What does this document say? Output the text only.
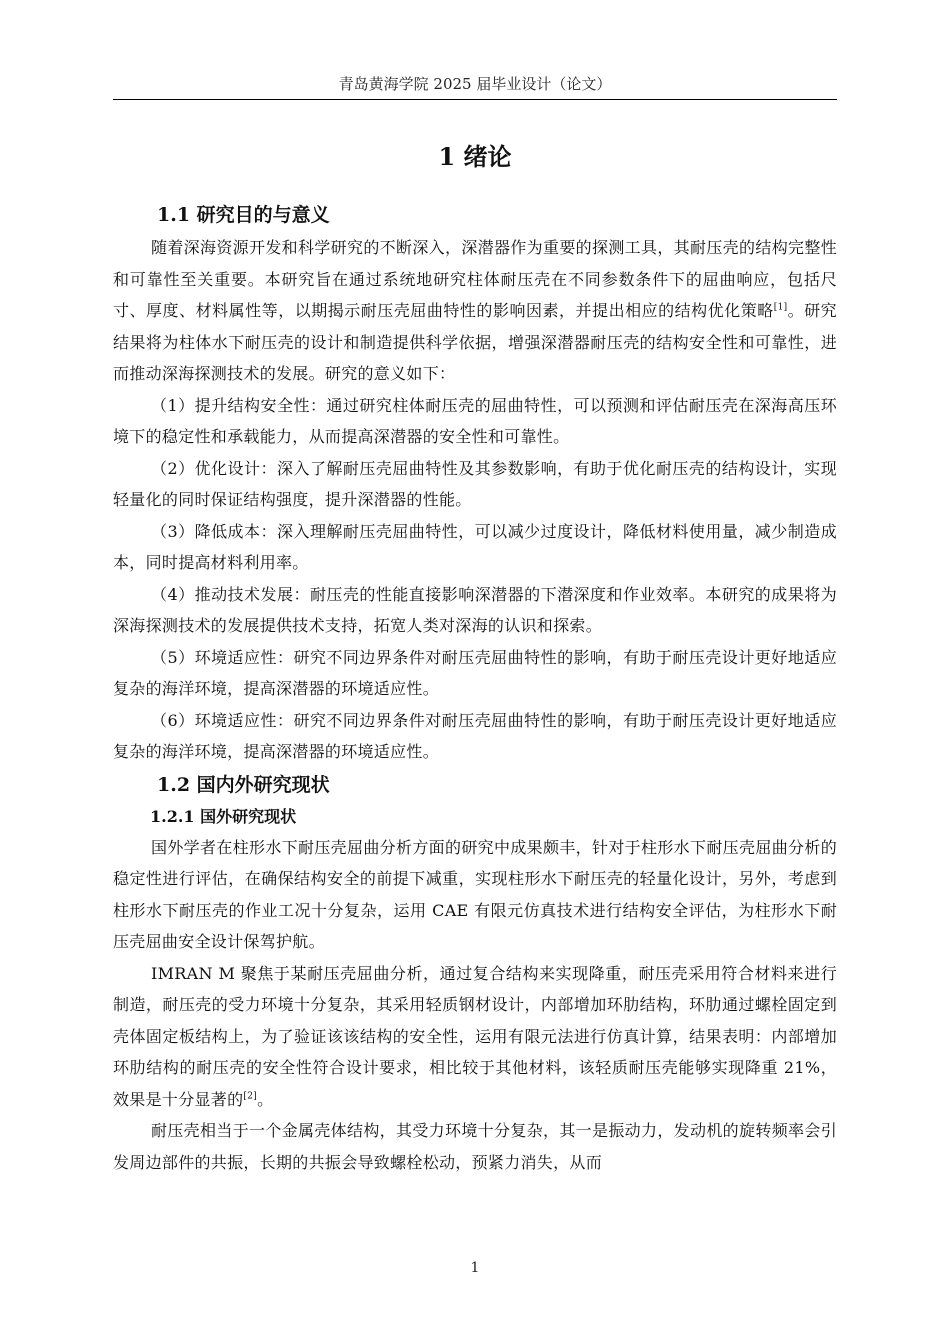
青岛黄海学院 2025 届毕业设计（论文）
1 绪论

1.1 研究目的与意义

随着深海资源开发和科学研究的不断深入，深潜器作为重要的探测工具，其耐压壳的结构完整性和可靠性至关重要。本研究旨在通过系统地研究柱体耐压壳在不同参数条件下的屈曲响应，包括尺寸、厚度、材料属性等，以期揭示耐压壳屈曲特性的影响因素，并提出相应的结构优化策略[1]。研究结果将为柱体水下耐压壳的设计和制造提供科学依据，增强深潜器耐压壳的结构安全性和可靠性，进而推动深海探测技术的发展。研究的意义如下：

（1）提升结构安全性：通过研究柱体耐压壳的屈曲特性，可以预测和评估耐压壳在深海高压环境下的稳定性和承载能力，从而提高深潜器的安全性和可靠性。

（2）优化设计：深入了解耐压壳屈曲特性及其参数影响，有助于优化耐压壳的结构设计，实现轻量化的同时保证结构强度，提升深潜器的性能。

（3）降低成本：深入理解耐压壳屈曲特性，可以减少过度设计，降低材料使用量，减少制造成本，同时提高材料利用率。

（4）推动技术发展：耐压壳的性能直接影响深潜器的下潜深度和作业效率。本研究的成果将为深海探测技术的发展提供技术支持，拓宽人类对深海的认识和探索。

（5）环境适应性：研究不同边界条件对耐压壳屈曲特性的影响，有助于耐压壳设计更好地适应复杂的海洋环境，提高深潜器的环境适应性。

（6）环境适应性：研究不同边界条件对耐压壳屈曲特性的影响，有助于耐压壳设计更好地适应复杂的海洋环境，提高深潜器的环境适应性。

1.2 国内外研究现状

1.2.1 国外研究现状

国外学者在柱形水下耐压壳屈曲分析方面的研究中成果颇丰，针对于柱形水下耐压壳屈曲分析的稳定性进行评估，在确保结构安全的前提下减重，实现柱形水下耐压壳的轻量化设计，另外，考虑到柱形水下耐压壳的作业工况十分复杂，运用 CAE 有限元仿真技术进行结构安全评估，为柱形水下耐压壳屈曲安全设计保驾护航。

IMRAN M 聚焦于某耐压壳屈曲分析，通过复合结构来实现降重，耐压壳采用符合材料来进行制造，耐压壳的受力环境十分复杂，其采用轻质钢材设计，内部增加环肋结构，环肋通过螺栓固定到壳体固定板结构上，为了验证该该结构的安全性，运用有限元法进行仿真计算，结果表明：内部增加环肋结构的耐压壳的安全性符合设计要求，相比较于其他材料，该轻质耐压壳能够实现降重 21%，效果是十分显著的[2]。

耐压壳相当于一个金属壳体结构，其受力环境十分复杂，其一是振动力，发动机的旋转频率会引发周边部件的共振，长期的共振会导致螺栓松动，预紧力消失，从而

1
